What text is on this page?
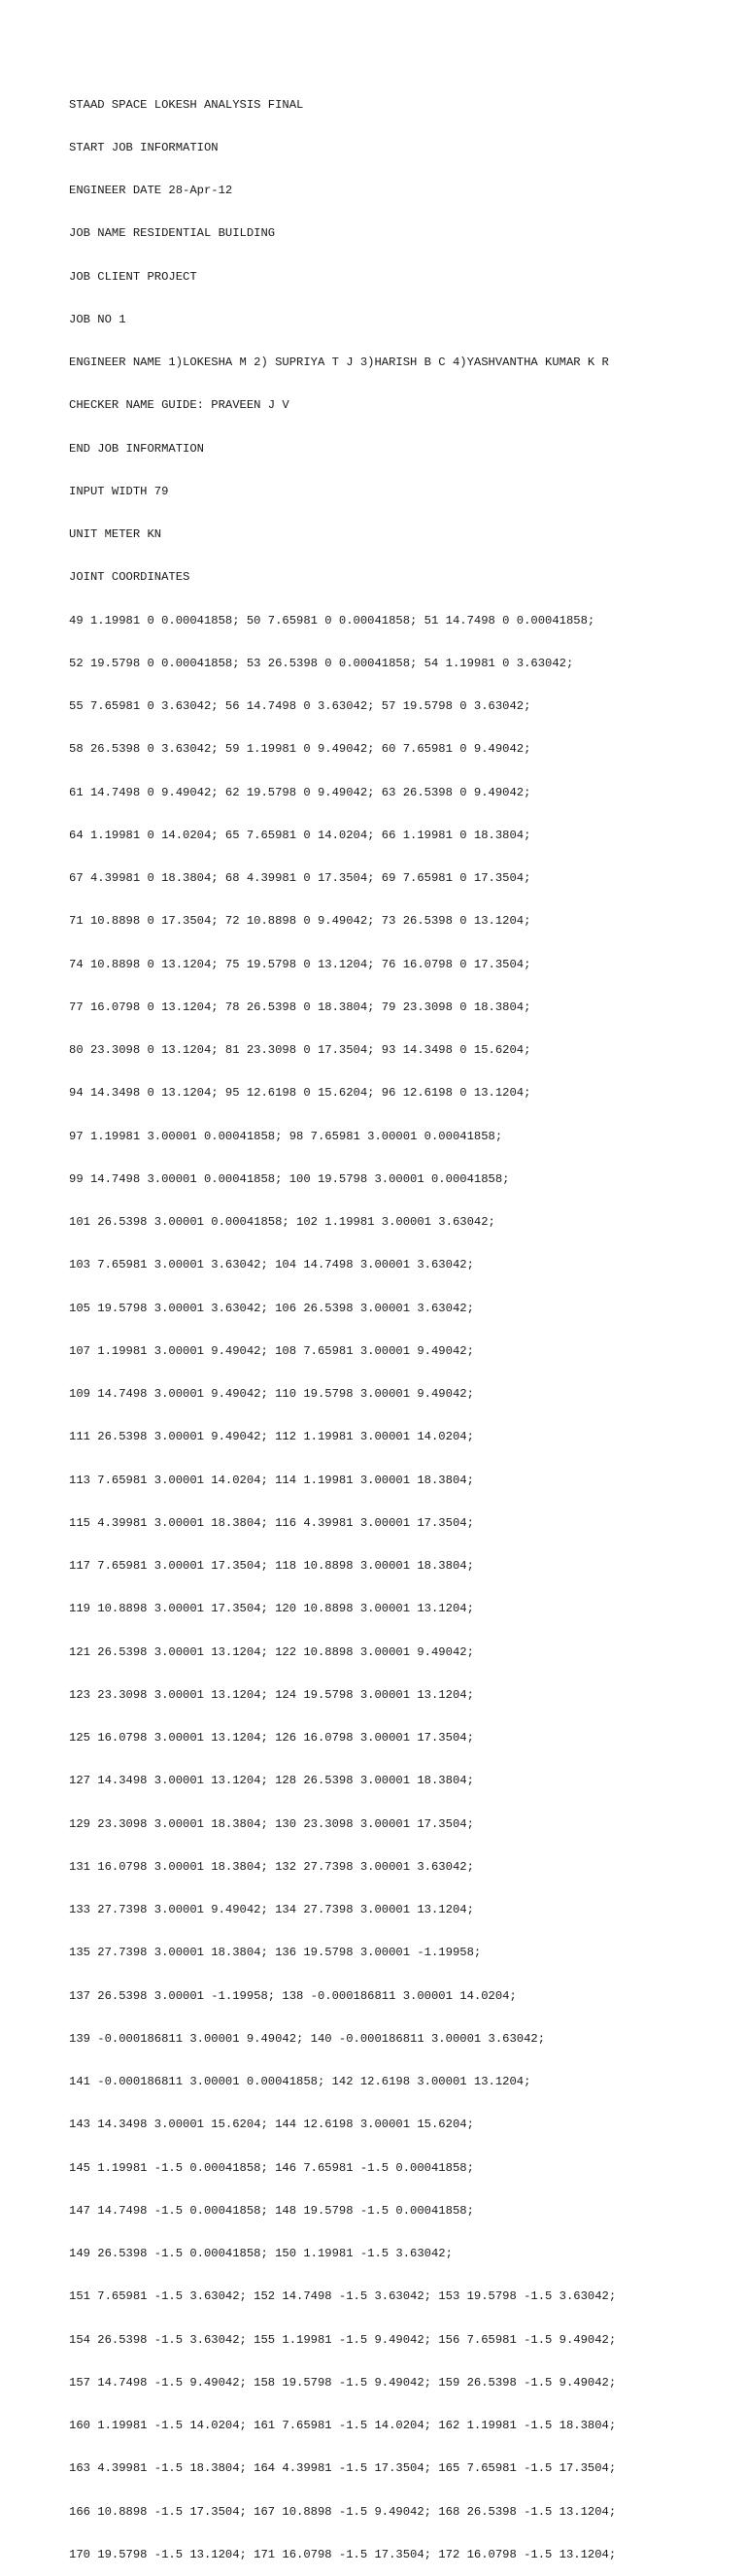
STAAD SPACE LOKESH ANALYSIS FINAL

START JOB INFORMATION

ENGINEER DATE 28-Apr-12

JOB NAME RESIDENTIAL BUILDING

JOB CLIENT PROJECT

JOB NO 1

ENGINEER NAME 1)LOKESHA M 2) SUPRIYA T J 3)HARISH B C 4)YASHVANTHA KUMAR K R

CHECKER NAME GUIDE: PRAVEEN J V

END JOB INFORMATION

INPUT WIDTH 79

UNIT METER KN

JOINT COORDINATES

49 1.19981 0 0.00041858; 50 7.65981 0 0.00041858; 51 14.7498 0 0.00041858;

52 19.5798 0 0.00041858; 53 26.5398 0 0.00041858; 54 1.19981 0 3.63042;

55 7.65981 0 3.63042; 56 14.7498 0 3.63042; 57 19.5798 0 3.63042;

58 26.5398 0 3.63042; 59 1.19981 0 9.49042; 60 7.65981 0 9.49042;

61 14.7498 0 9.49042; 62 19.5798 0 9.49042; 63 26.5398 0 9.49042;

64 1.19981 0 14.0204; 65 7.65981 0 14.0204; 66 1.19981 0 18.3804;

67 4.39981 0 18.3804; 68 4.39981 0 17.3504; 69 7.65981 0 17.3504;

71 10.8898 0 17.3504; 72 10.8898 0 9.49042; 73 26.5398 0 13.1204;

74 10.8898 0 13.1204; 75 19.5798 0 13.1204; 76 16.0798 0 17.3504;

77 16.0798 0 13.1204; 78 26.5398 0 18.3804; 79 23.3098 0 18.3804;

80 23.3098 0 13.1204; 81 23.3098 0 17.3504; 93 14.3498 0 15.6204;

94 14.3498 0 13.1204; 95 12.6198 0 15.6204; 96 12.6198 0 13.1204;

97 1.19981 3.00001 0.00041858; 98 7.65981 3.00001 0.00041858;

99 14.7498 3.00001 0.00041858; 100 19.5798 3.00001 0.00041858;

101 26.5398 3.00001 0.00041858; 102 1.19981 3.00001 3.63042;

103 7.65981 3.00001 3.63042; 104 14.7498 3.00001 3.63042;

105 19.5798 3.00001 3.63042; 106 26.5398 3.00001 3.63042;

107 1.19981 3.00001 9.49042; 108 7.65981 3.00001 9.49042;

109 14.7498 3.00001 9.49042; 110 19.5798 3.00001 9.49042;

111 26.5398 3.00001 9.49042; 112 1.19981 3.00001 14.0204;

113 7.65981 3.00001 14.0204; 114 1.19981 3.00001 18.3804;

115 4.39981 3.00001 18.3804; 116 4.39981 3.00001 17.3504;

117 7.65981 3.00001 17.3504; 118 10.8898 3.00001 18.3804;

119 10.8898 3.00001 17.3504; 120 10.8898 3.00001 13.1204;

121 26.5398 3.00001 13.1204; 122 10.8898 3.00001 9.49042;

123 23.3098 3.00001 13.1204; 124 19.5798 3.00001 13.1204;

125 16.0798 3.00001 13.1204; 126 16.0798 3.00001 17.3504;

127 14.3498 3.00001 13.1204; 128 26.5398 3.00001 18.3804;

129 23.3098 3.00001 18.3804; 130 23.3098 3.00001 17.3504;

131 16.0798 3.00001 18.3804; 132 27.7398 3.00001 3.63042;

133 27.7398 3.00001 9.49042; 134 27.7398 3.00001 13.1204;

135 27.7398 3.00001 18.3804; 136 19.5798 3.00001 -1.19958;

137 26.5398 3.00001 -1.19958; 138 -0.000186811 3.00001 14.0204;

139 -0.000186811 3.00001 9.49042; 140 -0.000186811 3.00001 3.63042;

141 -0.000186811 3.00001 0.00041858; 142 12.6198 3.00001 13.1204;

143 14.3498 3.00001 15.6204; 144 12.6198 3.00001 15.6204;

145 1.19981 -1.5 0.00041858; 146 7.65981 -1.5 0.00041858;

147 14.7498 -1.5 0.00041858; 148 19.5798 -1.5 0.00041858;

149 26.5398 -1.5 0.00041858; 150 1.19981 -1.5 3.63042;

151 7.65981 -1.5 3.63042; 152 14.7498 -1.5 3.63042; 153 19.5798 -1.5 3.63042;

154 26.5398 -1.5 3.63042; 155 1.19981 -1.5 9.49042; 156 7.65981 -1.5 9.49042;

157 14.7498 -1.5 9.49042; 158 19.5798 -1.5 9.49042; 159 26.5398 -1.5 9.49042;

160 1.19981 -1.5 14.0204; 161 7.65981 -1.5 14.0204; 162 1.19981 -1.5 18.3804;

163 4.39981 -1.5 18.3804; 164 4.39981 -1.5 17.3504; 165 7.65981 -1.5 17.3504;

166 10.8898 -1.5 17.3504; 167 10.8898 -1.5 9.49042; 168 26.5398 -1.5 13.1204;

170 19.5798 -1.5 13.1204; 171 16.0798 -1.5 17.3504; 172 16.0798 -1.5 13.1204;
